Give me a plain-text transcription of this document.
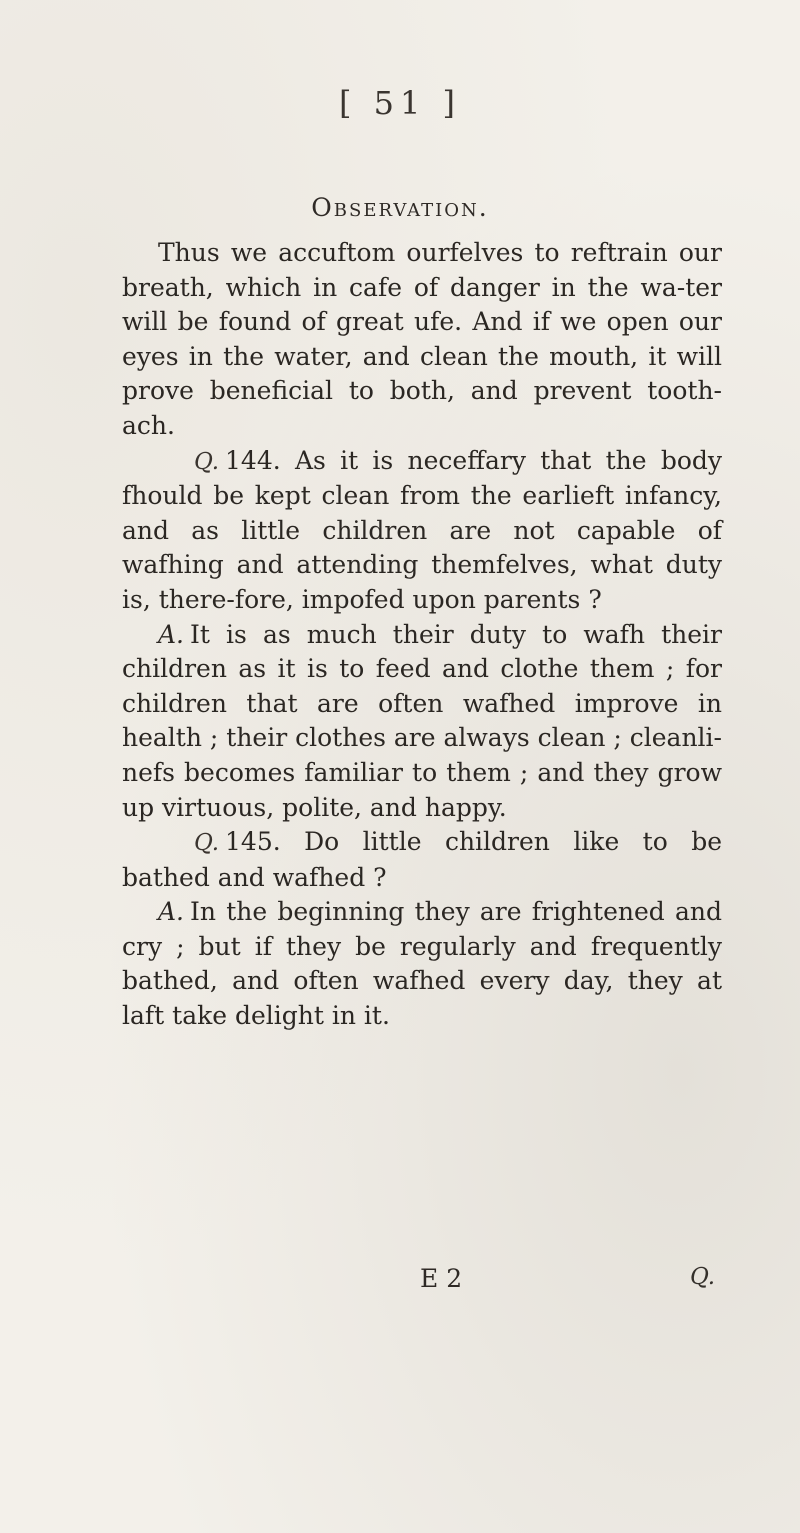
[ 51 ]
Observation.

Thus we accuftom ourfelves to reftrain our breath, which in cafe of danger in the wa-ter will be found of great ufe. And if we open our eyes in the water, and clean the mouth, it will prove beneficial to both, and prevent tooth-ach.

Q. 144. As it is neceffary that the body fhould be kept clean from the earlieft infancy, and as little children are not capable of wafhing and attending themfelves, what duty is, there-fore, impofed upon parents ?

A. It is as much their duty to wafh their children as it is to feed and clothe them ; for children that are often wafhed improve in health ; their clothes are always clean ; cleanli-nefs becomes familiar to them ; and they grow up virtuous, polite, and happy.

Q. 145. Do little children like to be bathed and wafhed ?

A. In the beginning they are frightened and cry ; but if they be regularly and frequently bathed, and often wafhed every day, they at laft take delight in it.

E 2	Q.
